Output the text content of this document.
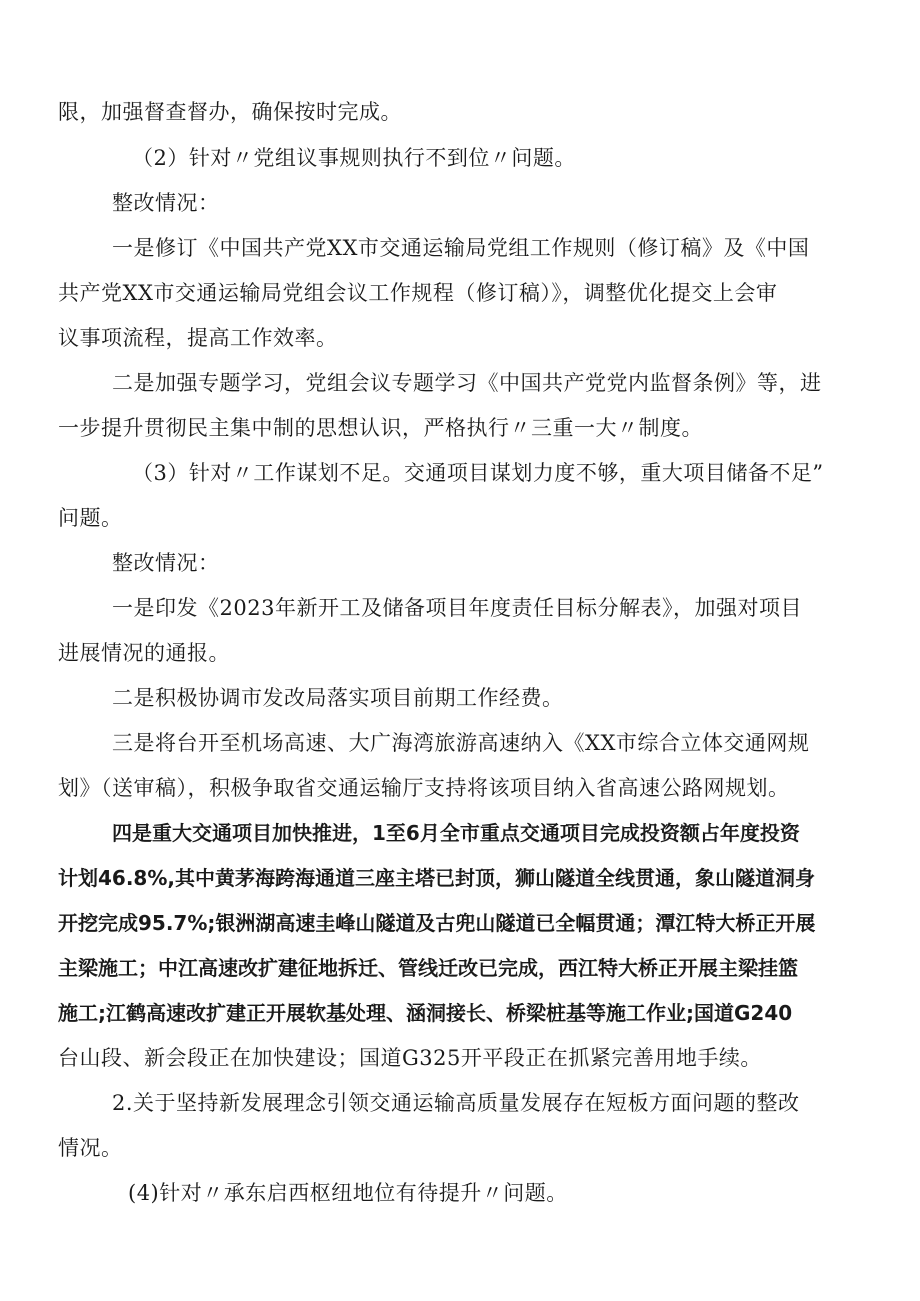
限，加强督查督办，确保按时完成。
（2）针对〃党组议事规则执行不到位〃问题。
整改情况：
一是修订《中国共产党XX市交通运输局党组工作规则（修订稿》及《中国
共产党XX市交通运输局党组会议工作规程（修订稿）》，调整优化提交上会审
议事项流程，提高工作效率。
二是加强专题学习，党组会议专题学习《中国共产党党内监督条例》等，进
一步提升贯彻民主集中制的思想认识，严格执行〃三重一大〃制度。
（3）针对〃工作谋划不足。交通项目谋划力度不够，重大项目储备不足”
问题。
整改情况：
一是印发《2023年新开工及储备项目年度责任目标分解表》，加强对项目
进展情况的通报。
二是积极协调市发改局落实项目前期工作经费。
三是将台开至机场高速、大广海湾旅游高速纳入《XX市综合立体交通网规
划》（送审稿），积极争取省交通运输厅支持将该项目纳入省高速公路网规划。
四是重大交通项目加快推进，1至6月全市重点交通项目完成投资额占年度投资
计划46.8%,其中黄茅海跨海通道三座主塔已封顶，狮山隧道全线贯通，象山隧道洞身
开挖完成95.7%;银洲湖高速圭峰山隧道及古兜山隧道已全幅贯通；潭江特大桥正开展
主梁施工；中江高速改扩建征地拆迁、管线迁改已完成，西江特大桥正开展主梁挂篮
施工;江鹤高速改扩建正开展软基处理、涵洞接长、桥梁桩基等施工作业;国道G240
台山段、新会段正在加快建设；国道G325开平段正在抓紧完善用地手续。
2.关于坚持新发展理念引领交通运输高质量发展存在短板方面问题的整改
情况。
(4)针对〃承东启西枢纽地位有待提升〃问题。
